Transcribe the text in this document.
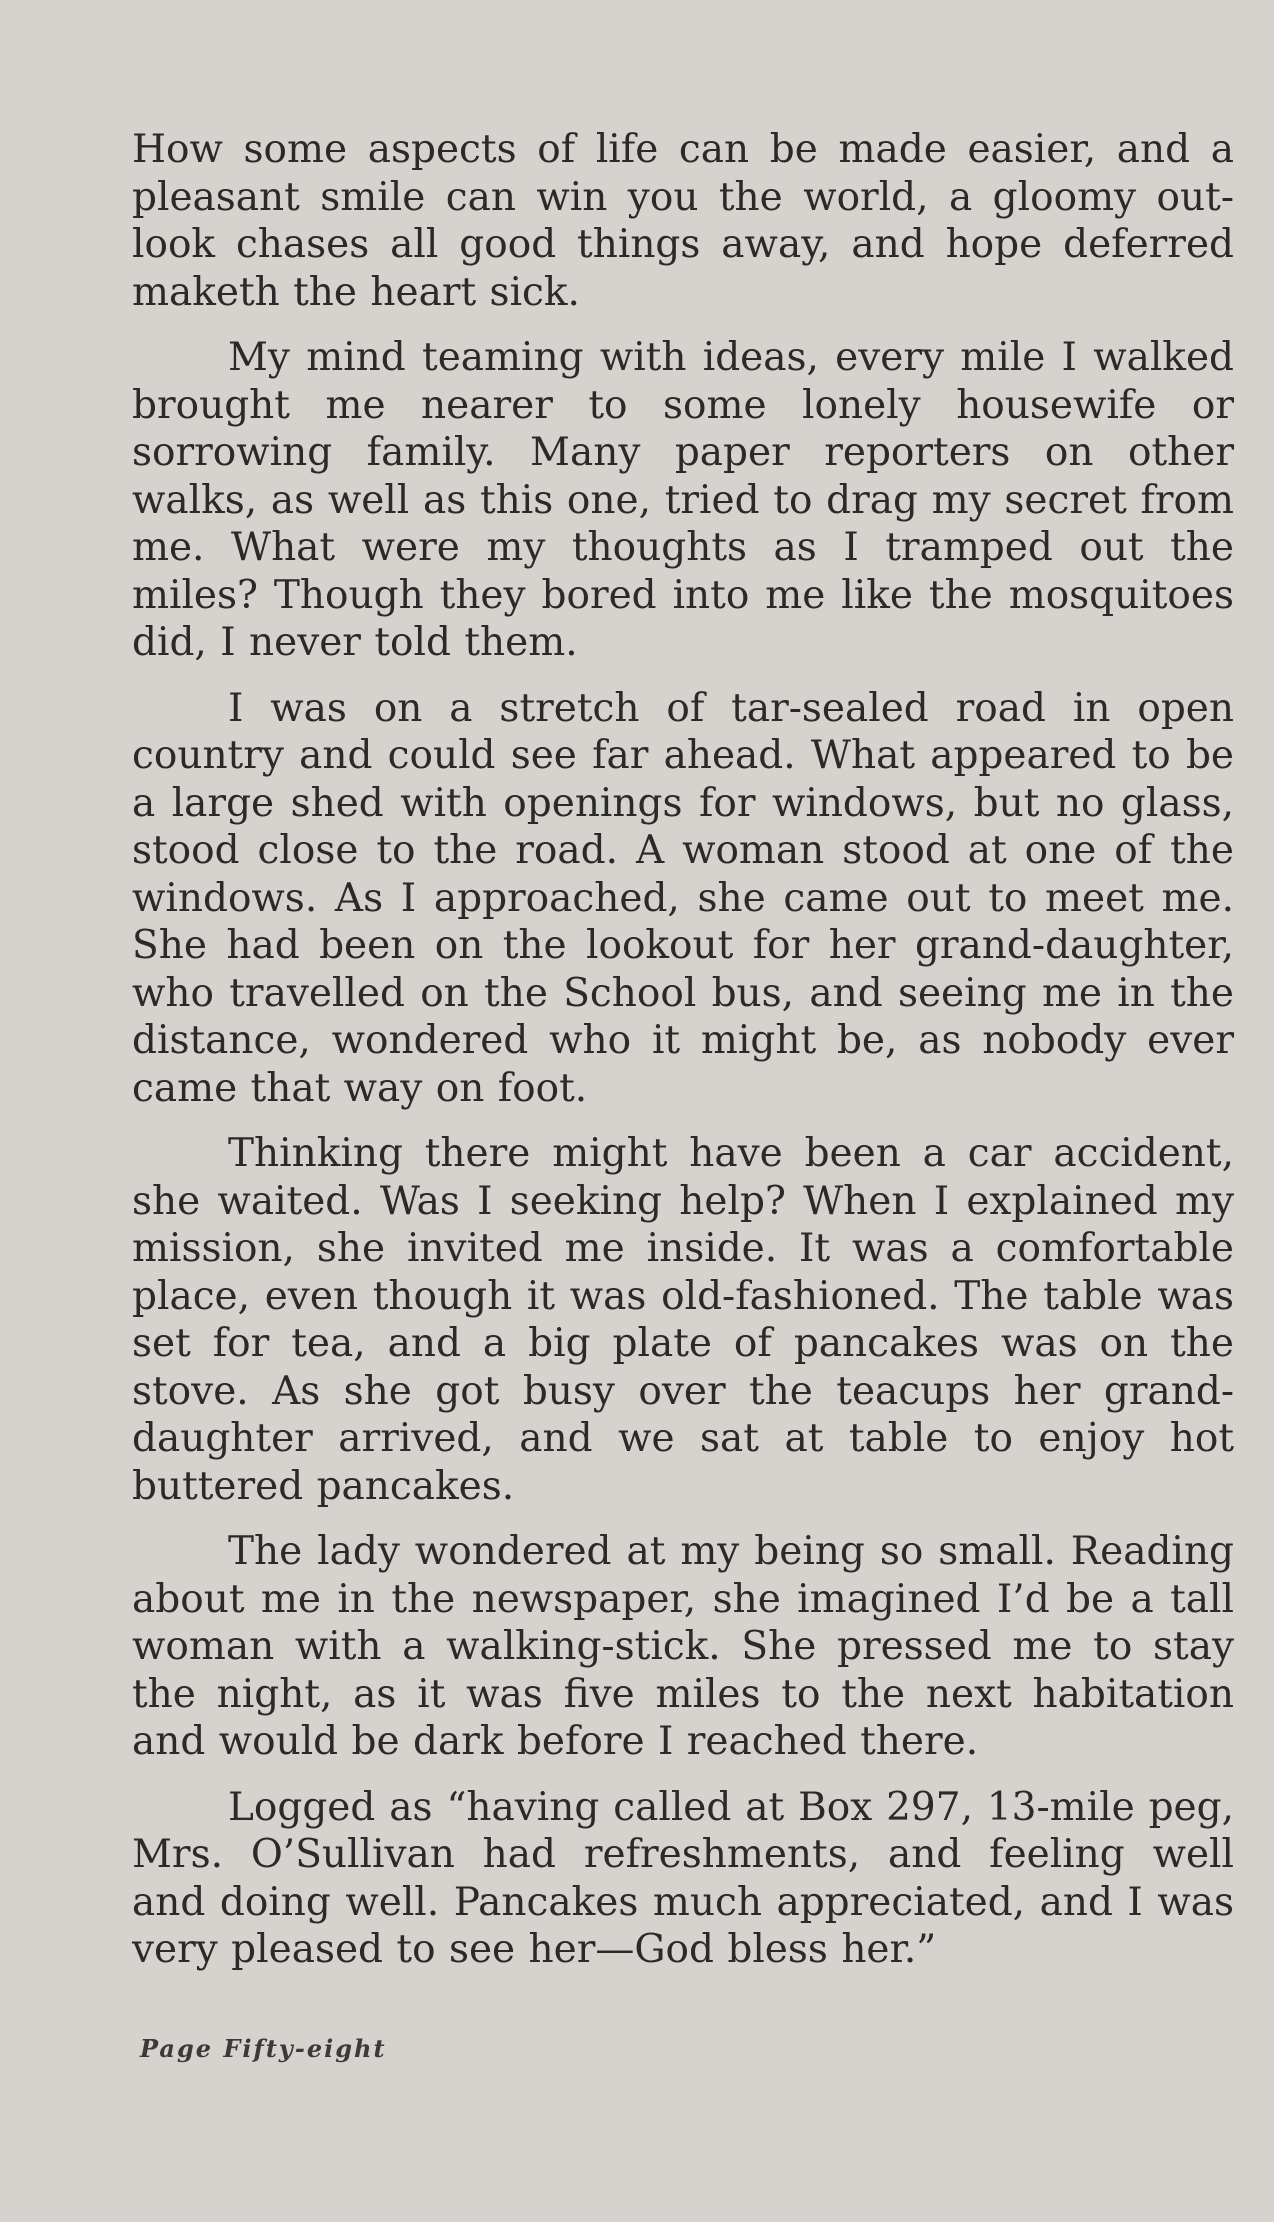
How some aspects of life can be made easier, and a pleasant smile can win you the world, a gloomy outlook chases all good things away, and hope deferred maketh the heart sick.

My mind teaming with ideas, every mile I walked brought me nearer to some lonely housewife or sorrowing family. Many paper reporters on other walks, as well as this one, tried to drag my secret from me. What were my thoughts as I tramped out the miles? Though they bored into me like the mosquitoes did, I never told them.

I was on a stretch of tar-sealed road in open country and could see far ahead. What appeared to be a large shed with openings for windows, but no glass, stood close to the road. A woman stood at one of the windows. As I approached, she came out to meet me. She had been on the lookout for her grand-daughter, who travelled on the School bus, and seeing me in the distance, wondered who it might be, as nobody ever came that way on foot.

Thinking there might have been a car accident, she waited. Was I seeking help? When I explained my mission, she invited me inside. It was a comfortable place, even though it was old-fashioned. The table was set for tea, and a big plate of pancakes was on the stove. As she got busy over the teacups her grand-daughter arrived, and we sat at table to enjoy hot buttered pancakes.

The lady wondered at my being so small. Reading about me in the newspaper, she imagined I’d be a tall woman with a walking-stick. She pressed me to stay the night, as it was five miles to the next habitation and would be dark before I reached there.

Logged as “having called at Box 297, 13-mile peg, Mrs. O’Sullivan had refreshments, and feeling well and doing well. Pancakes much appreciated, and I was very pleased to see her—God bless her.”

Page Fifty-eight
